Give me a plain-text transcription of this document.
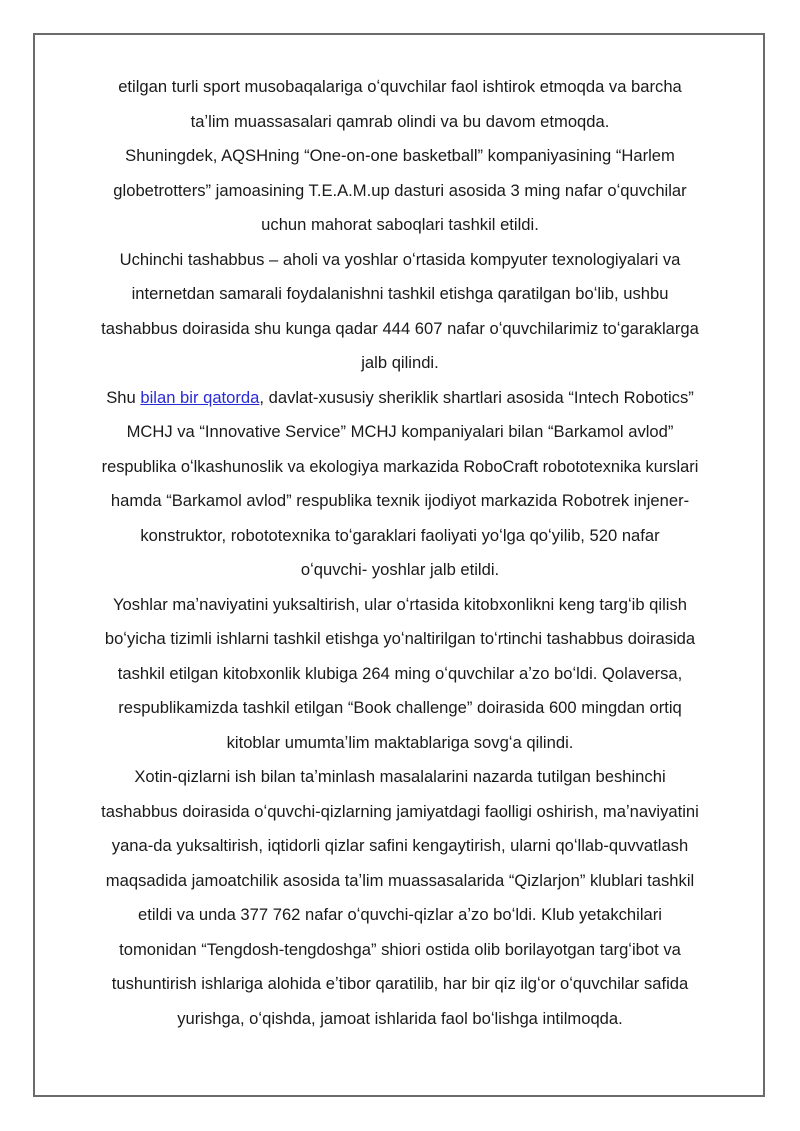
etilgan turli sport musobaqalariga oʻquvchilar faol ishtirok etmoqda va barcha
taʼlim muassasalari qamrab olindi va bu davom etmoqda.
Shuningdek, AQSHning “One-on-one basketball” kompaniyasining “Harlem
globetrotters” jamoasining T.E.A.M.up dasturi asosida 3 ming nafar oʻquvchilar
uchun mahorat saboqlari tashkil etildi.
Uchinchi tashabbus – aholi va yoshlar oʻrtasida kompyuter texnologiyalari va
internetdan samarali foydalanishni tashkil etishga qaratilgan boʻlib, ushbu
tashabbus doirasida shu kunga qadar 444 607 nafar oʻquvchilarimiz toʻgaraklarga
jalb qilindi.
Shu bilan bir qatorda, davlat-xususiy sheriklik shartlari asosida “Intech Robotics”
MCHJ va “Innovative Service” MCHJ kompaniyalari bilan “Barkamol avlod”
respublika oʻlkashunoslik va ekologiya markazida RoboCraft robototexnika kurslari
hamda “Barkamol avlod” respublika texnik ijodiyot markazida Robotrek injener-
konstruktor, robototexnika toʻgaraklari faoliyati yoʻlga qoʻyilib, 520 nafar
oʻquvchi- yoshlar jalb etildi.
Yoshlar maʼnaviyatini yuksaltirish, ular oʻrtasida kitobxonlikni keng targʻib qilish
boʻyicha tizimli ishlarni tashkil etishga yoʻnaltirilgan toʻrtinchi tashabbus doirasida
tashkil etilgan kitobxonlik klubiga 264 ming oʻquvchilar aʼzo boʻldi. Qolaversa,
respublikamizda tashkil etilgan “Book challenge” doirasida 600 mingdan ortiq
kitoblar umumtaʼlim maktablariga sovgʻa qilindi.
Xotin-qizlarni ish bilan taʼminlash masalalarini nazarda tutilgan beshinchi
tashabbus doirasida oʻquvchi-qizlarning jamiyatdagi faolligi oshirish, maʼnaviyatini
yana-da yuksaltirish, iqtidorli qizlar safini kengaytirish, ularni qoʻllab-quvvatlash
maqsadida jamoatchilik asosida taʼlim muassasalarida “Qizlarjon” klublari tashkil
etildi va unda 377 762 nafar oʻquvchi-qizlar aʼzo boʻldi. Klub yetakchilari
tomonidan “Tengdosh-tengdoshga” shiori ostida olib borilayotgan targʻibot va
tushuntirish ishlariga alohida eʼtibor qaratilib, har bir qiz ilgʻor oʻquvchilar safida
yurishga, oʻqishda, jamoat ishlarida faol boʻlishga intilmoqda.
